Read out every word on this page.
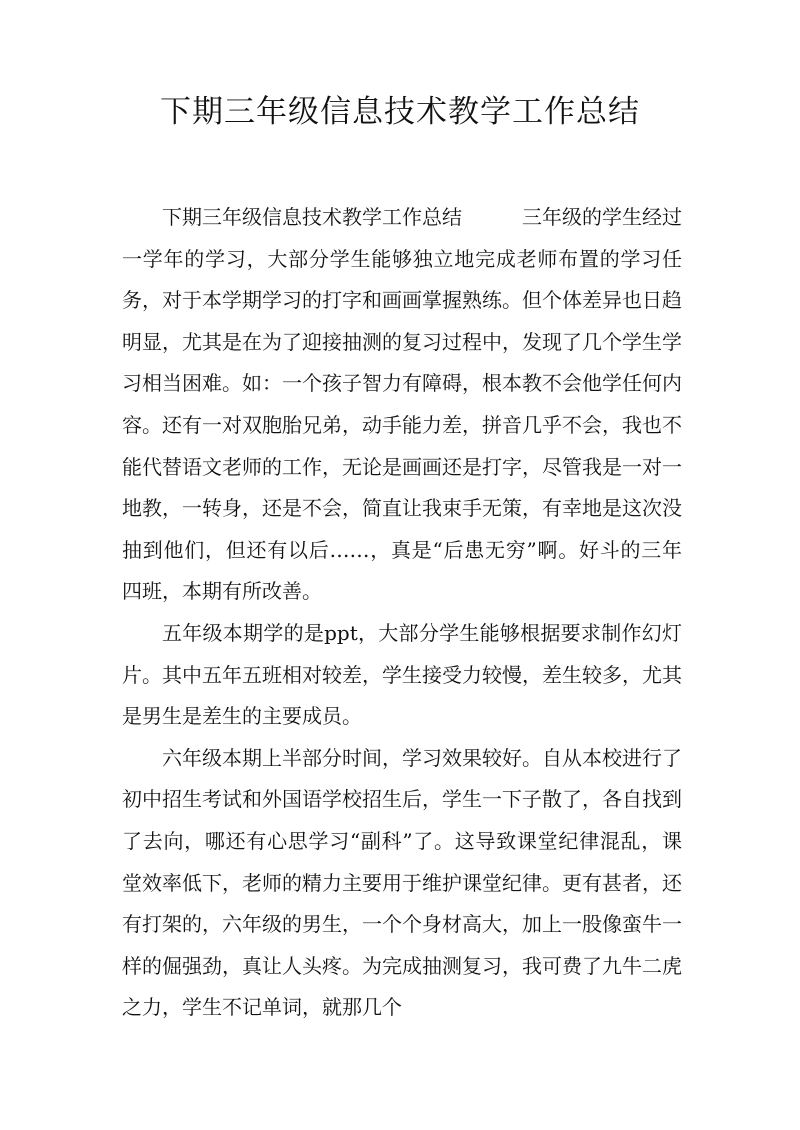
下期三年级信息技术教学工作总结

下期三年级信息技术教学工作总结	三年级的学生经过一学年的学习，大部分学生能够独立地完成老师布置的学习任务，对于本学期学习的打字和画画掌握熟练。但个体差异也日趋明显，尤其是在为了迎接抽测的复习过程中，发现了几个学生学习相当困难。如：一个孩子智力有障碍，根本教不会他学任何内容。还有一对双胞胎兄弟，动手能力差，拼音几乎不会，我也不能代替语文老师的工作，无论是画画还是打字，尽管我是一对一地教，一转身，还是不会，简直让我束手无策，有幸地是这次没抽到他们，但还有以后……，真是“后患无穷”啊。好斗的三年四班，本期有所改善。

五年级本期学的是ppt，大部分学生能够根据要求制作幻灯片。其中五年五班相对较差，学生接受力较慢，差生较多，尤其是男生是差生的主要成员。

六年级本期上半部分时间，学习效果较好。自从本校进行了初中招生考试和外国语学校招生后，学生一下子散了，各自找到了去向，哪还有心思学习“副科”了。这导致课堂纪律混乱，课堂效率低下，老师的精力主要用于维护课堂纪律。更有甚者，还有打架的，六年级的男生，一个个身材高大，加上一股像蛮牛一样的倔强劲，真让人头疼。为完成抽测复习，我可费了九牛二虎之力，学生不记单词，就那几个
